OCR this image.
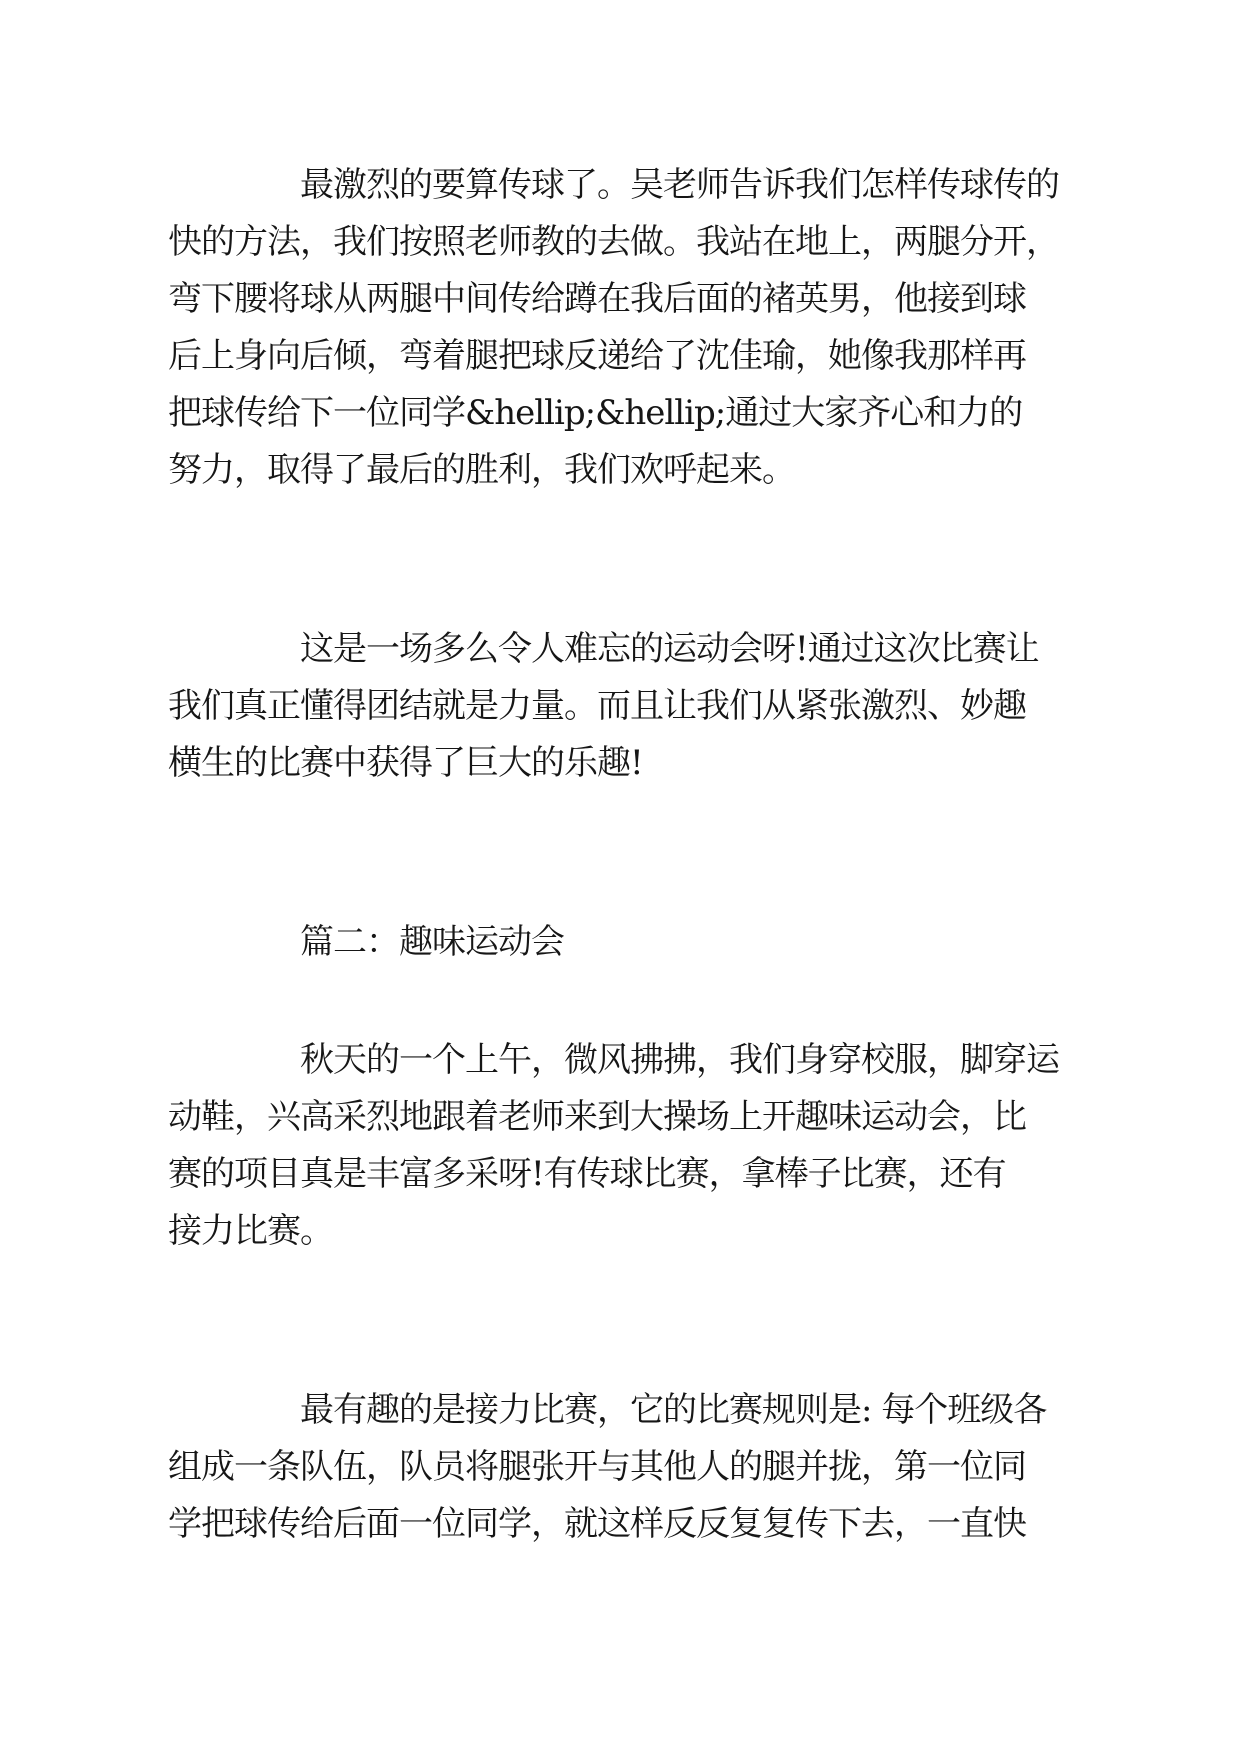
最激烈的要算传球了。吴老师告诉我们怎样传球传的
快的方法，我们按照老师教的去做。我站在地上，两腿分开，
弯下腰将球从两腿中间传给蹲在我后面的褚英男，他接到球
后上身向后倾，弯着腿把球反递给了沈佳瑜，她像我那样再
把球传给下一位同学&hellip;&hellip;通过大家齐心和力的
努力，取得了最后的胜利，我们欢呼起来。
这是一场多么令人难忘的运动会呀!通过这次比赛让
我们真正懂得团结就是力量。而且让我们从紧张激烈、妙趣
横生的比赛中获得了巨大的乐趣!
篇二：趣味运动会
秋天的一个上午，微风拂拂，我们身穿校服，脚穿运
动鞋，兴高采烈地跟着老师来到大操场上开趣味运动会，比
赛的项目真是丰富多采呀!有传球比赛，拿棒子比赛，还有
接力比赛。
最有趣的是接力比赛，它的比赛规则是: 每个班级各
组成一条队伍，队员将腿张开与其他人的腿并拢，第一位同
学把球传给后面一位同学，就这样反反复复传下去，一直快
